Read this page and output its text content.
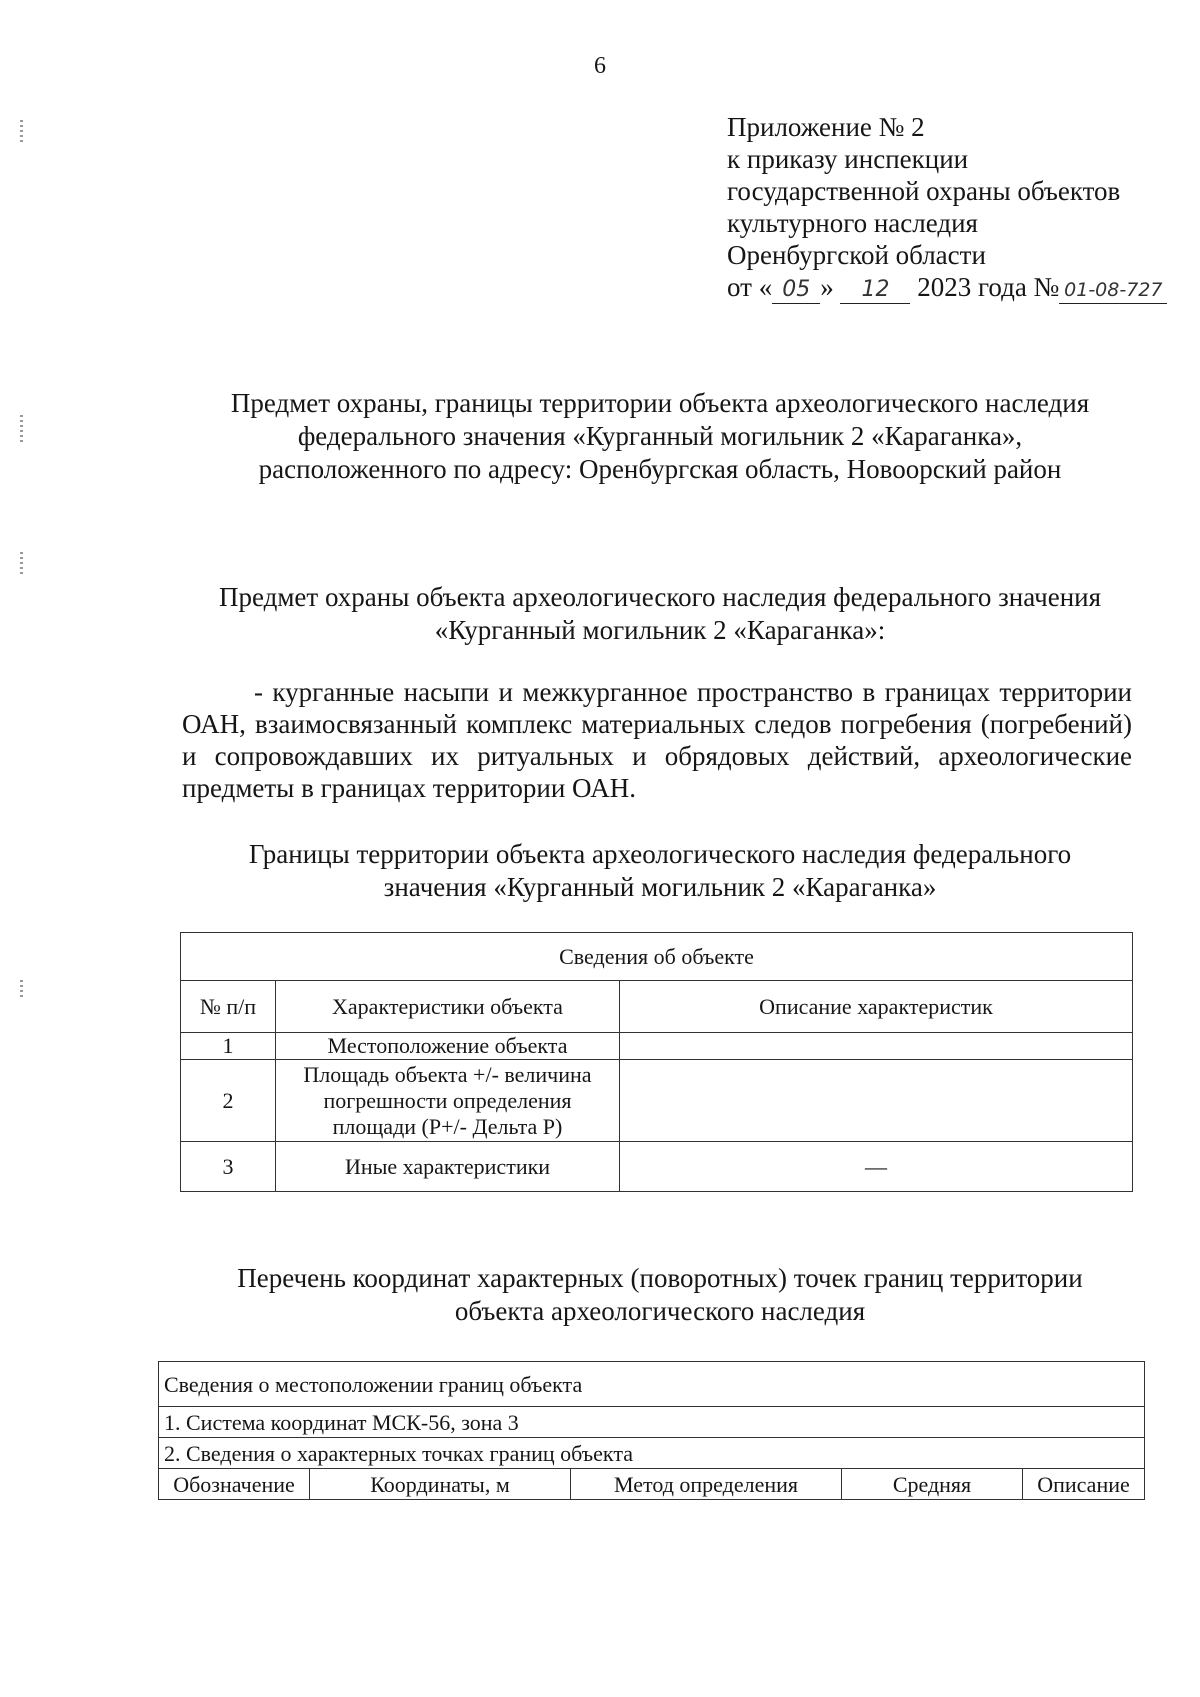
6
Приложение № 2
к приказу инспекции
государственной охраны объектов
культурного наследия
Оренбургской области
от « 05 » 12 2023 года № 01-08-727
Предмет охраны, границы территории объекта археологического наследия
федерального значения «Курганный могильник 2 «Караганка»,
расположенного по адресу: Оренбургская область, Новоорский район
Предмет охраны объекта археологического наследия федерального значения
«Курганный могильник 2 «Караганка»:
- курганные насыпи и межкурганное пространство в границах территории ОАН, взаимосвязанный комплекс материальных следов погребения (погребений) и сопровождавших их ритуальных и обрядовых действий, археологические предметы в границах территории ОАН.
Границы территории объекта археологического наследия федерального
значения «Курганный могильник 2 «Караганка»
Сведения об объекте		
№ п/п	Характеристики объекта	Описание характеристик
1	Местоположение объекта	
2	Площадь объекта +/- величина погрешности определения площади (P+/- Дельта P)	
3	Иные характеристики	—
Перечень координат характерных (поворотных) точек границ территории
объекта археологического наследия
Сведения о местоположении границ объекта
1. Система координат МСК-56, зона 3
2. Сведения о характерных точках границ объекта
Обозначение	Координаты, м	Метод определения	Средняя	Описание
